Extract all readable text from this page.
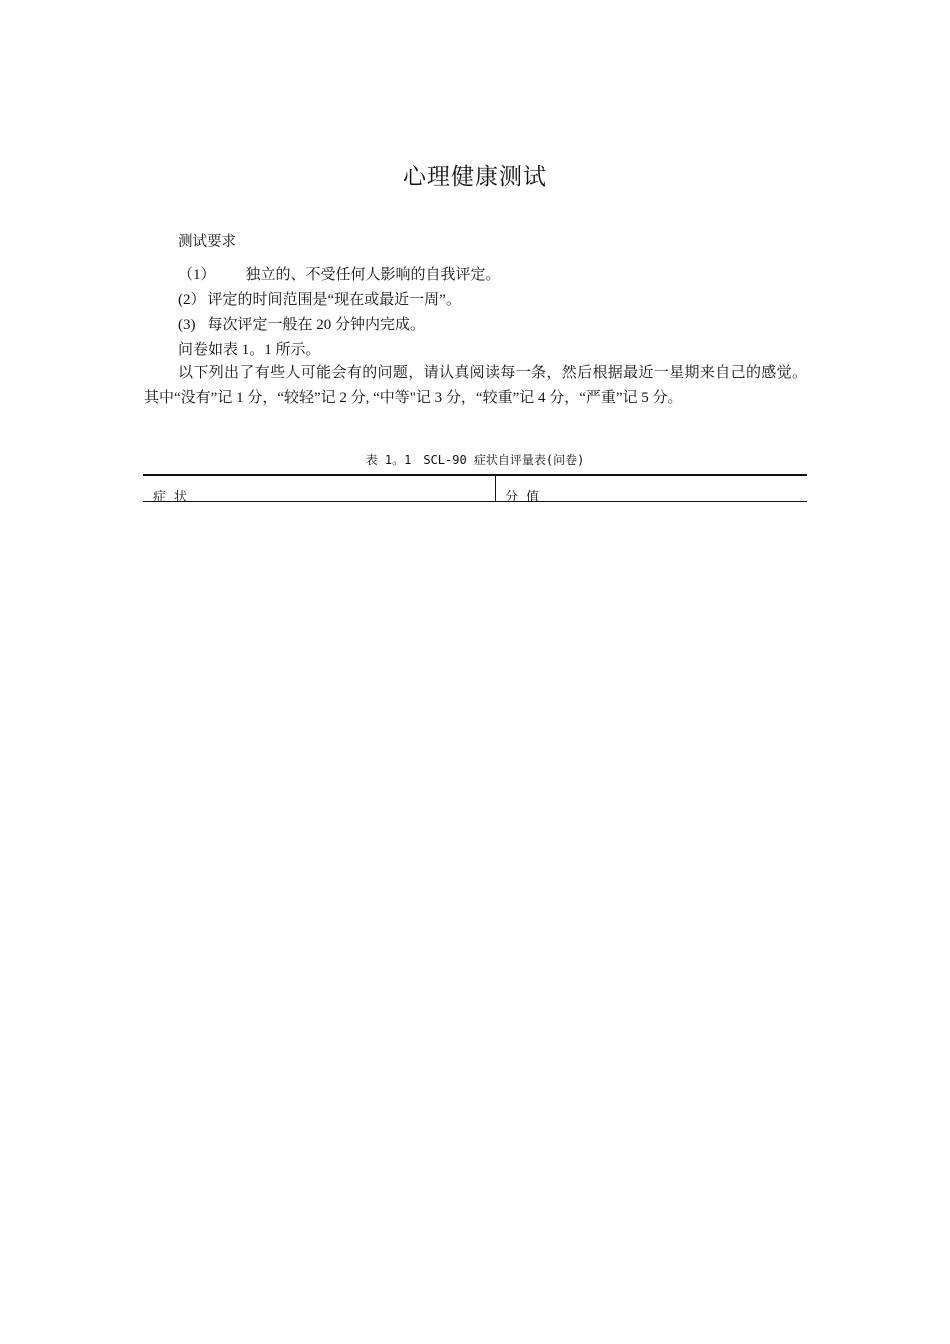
心理健康测试
测试要求
（1） 独立的、不受任何人影响的自我评定。
(2） 评定的时间范围是“现在或最近一周”。
(3) 每次评定一般在 20 分钟内完成。
问卷如表 1。1 所示。
以下列出了有些人可能会有的问题，请认真阅读每一条，然后根据最近一星期来自己的感觉。其中“没有”记 1 分，“较轻”记 2 分, “中等"记 3 分，“较重”记 4 分，“严重”记 5 分。
表 1。1　SCL-90 症状自评量表(问卷)
症状	分值
